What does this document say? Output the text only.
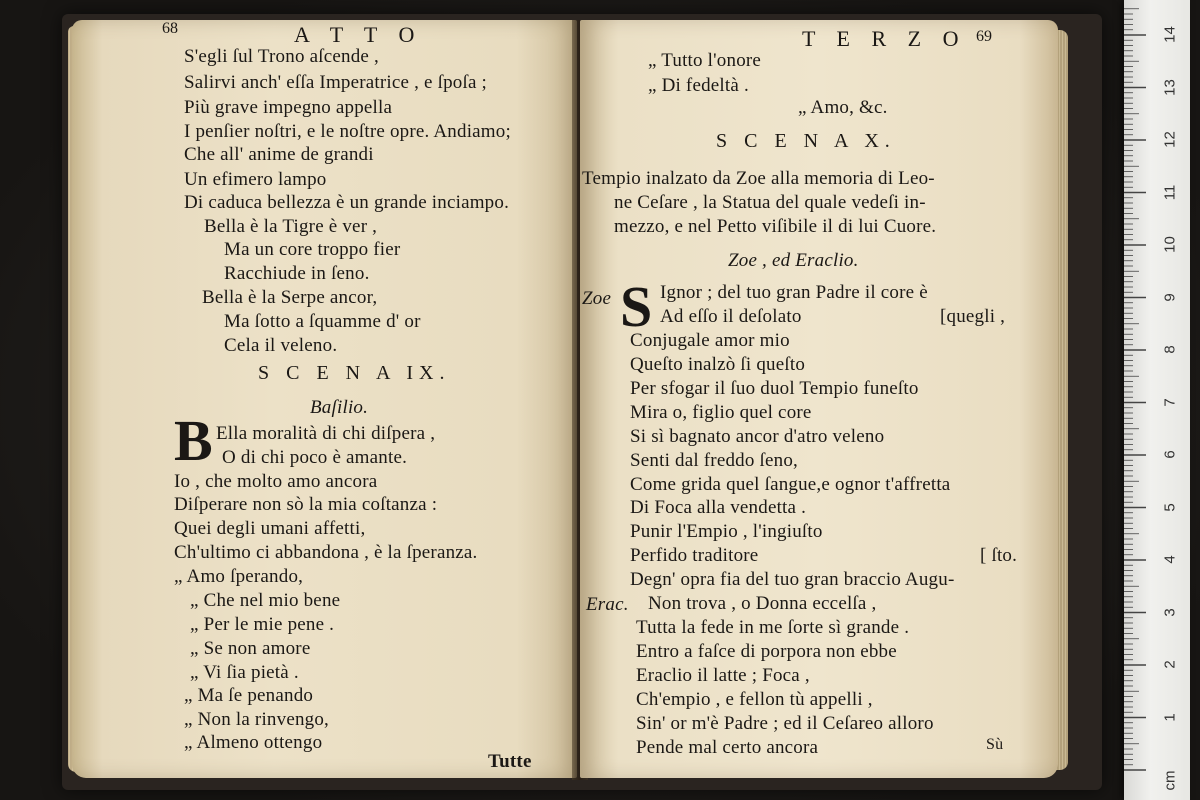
68	A T T O
S'egli ſul Trono aſcende ,
Salirvi anch' eſſa Imperatrice , e ſpoſa ;
Più grave impegno appella
I penſier noſtri, e le noſtre opre. Andiamo;
Che all' anime de grandi
Un efimero lampo
Di caduca bellezza è un grande inciampo.
Bella è la Tigre è ver ,
Ma un core troppo fier
Racchiude in ſeno.
Bella è la Serpe ancor,
Ma ſotto a ſquamme d' or
Cela il veleno.
S C E N A IX.
Baſilio.
B Ella moralità di chi diſpera ,
O di chi poco è amante.
Io , che molto amo ancora
Diſperare non sò la mia coſtanza :
Quei degli umani affetti,
Ch'ultimo ci abbandona , è la ſperanza.
„ Amo ſperando,
„ Che nel mio bene
„ Per le mie pene .
„ Se non amore
„ Vi ſia pietà .
„ Ma ſe penando
„ Non la rinvengo,
„ Almeno ottengo
Tutte
T E R Z O 69
„ Tutto l'onore
„ Di fedeltà .
„ Amo, &c.
S C E N A X.
Tempio inalzato da Zoe alla memoria di Leo-
ne Ceſare , la Statua del quale vedeſi in-
mezzo, e nel Petto viſibile il di lui Cuore.
Zoe , ed Eraclio.
Zoe S Ignor ; del tuo gran Padre il core è
Ad eſſo il deſolato	[quegli ,
Conjugale amor mio
Queſto inalzò ſi queſto
Per sfogar il ſuo duol Tempio funeſto
Mira o, figlio quel core
Si sì bagnato ancor d'atro veleno
Senti dal freddo ſeno,
Come grida quel ſangue,e ognor t'affretta
Di Foca alla vendetta .
Punir l'Empio , l'ingiuſto
Perfido traditore	[ ſto.
Degn' opra fia del tuo gran braccio Augu-
Erac. Non trova , o Donna eccelſa ,
Tutta la fede in me ſorte sì grande .
Entro a faſce di porpora non ebbe
Eraclio il latte ; Foca ,
Ch'empio , e fellon tù appelli ,
Sin' or m'è Padre ; ed il Ceſareo alloro
Pende mal certo ancora	Sù
14
13
12
11
10
9
8
7
6
5
4
3
2
1
cm
